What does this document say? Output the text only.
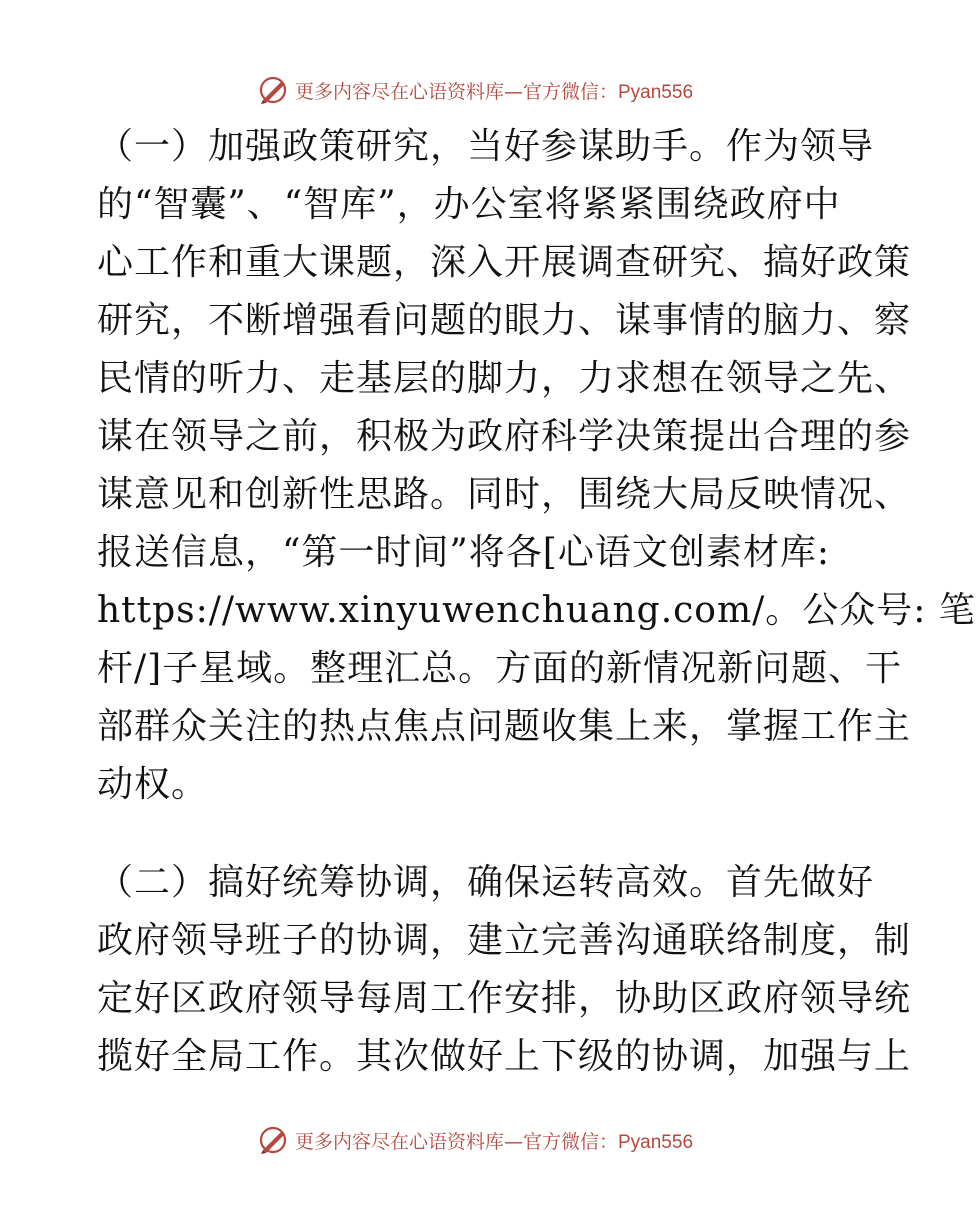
更多内容尽在心语资料库—官方微信：Pyan556
（一）加强政策研究，当好参谋助手。作为领导
的“智囊”、“智库”，办公室将紧紧围绕政府中
心工作和重大课题，深入开展调查研究、搞好政策
研究，不断增强看问题的眼力、谋事情的脑力、察
民情的听力、走基层的脚力，力求想在领导之先、
谋在领导之前，积极为政府科学决策提出合理的参
谋意见和创新性思路。同时，围绕大局反映情况、
报送信息，“第一时间”将各[心语文创素材库:
https://www.xinyuwenchuang.com/。公众号: 笔
杆/]子星域。整理汇总。方面的新情况新问题、干
部群众关注的热点焦点问题收集上来，掌握工作主
动权。
（二）搞好统筹协调，确保运转高效。首先做好
政府领导班子的协调，建立完善沟通联络制度，制
定好区政府领导每周工作安排，协助区政府领导统
揽好全局工作。其次做好上下级的协调，加强与上
更多内容尽在心语资料库—官方微信：Pyan556
